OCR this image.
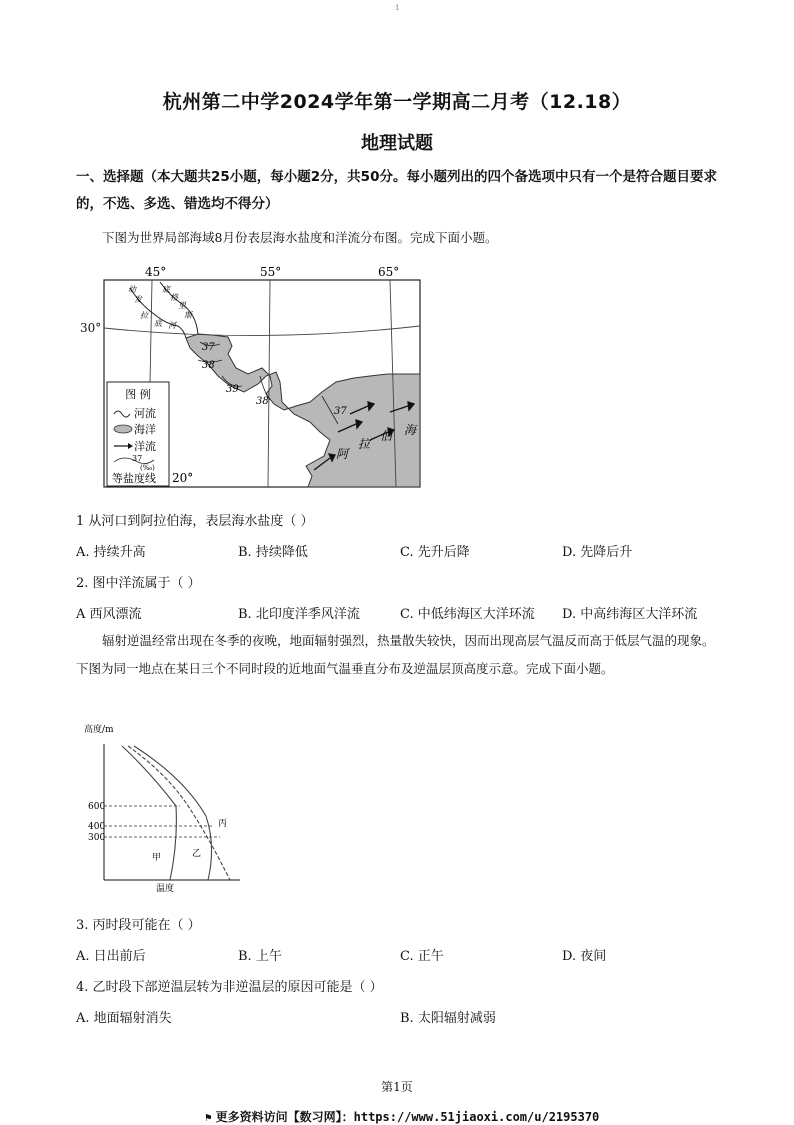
1
杭州第二中学2024学年第一学期高二月考（12.18）
地理试题
一、选择题（本大题共25小题，每小题2分，共50分。每小题列出的四个备选项中只有一个是符合题目要求的，不选、多选、错选均不得分）
下图为世界局部海域8月份表层海水盐度和洋流分布图。完成下面小题。
图 例
河流
海洋
洋流
37
(‰)
等盐度线
45°	55°	65°
20°
幼
发
拉
底 河
底
格
里
斯
37
38
39
38
37
阿
拉
伯 海
30°
1 从河口到阿拉伯海，表层海水盐度（ ）
A. 持续升高	B. 持续降低	C. 先升后降	D. 先降后升
2. 图中洋流属于（ ）
A 西风漂流	B. 北印度洋季风洋流	C. 中低纬海区大洋环流 D. 中高纬海区大洋环流
辐射逆温经常出现在冬季的夜晚，地面辐射强烈，热量散失较快，因而出现高层气温反而高于低层气温的现象。下图为同一地点在某日三个不同时段的近地面气温垂直分布及逆温层顶高度示意。完成下面小题。
高度/m
600
400
300
甲	乙
丙
温度
3. 丙时段可能在（ ）
A. 日出前后	B. 上午	C. 正午	D. 夜间
4. 乙时段下部逆温层转为非逆温层的原因可能是（ ）
A. 地面辐射消失	B. 太阳辐射减弱
第1页
⚑ 更多资料访问【数习网】：https://www.51jiaoxi.com/u/2195370
